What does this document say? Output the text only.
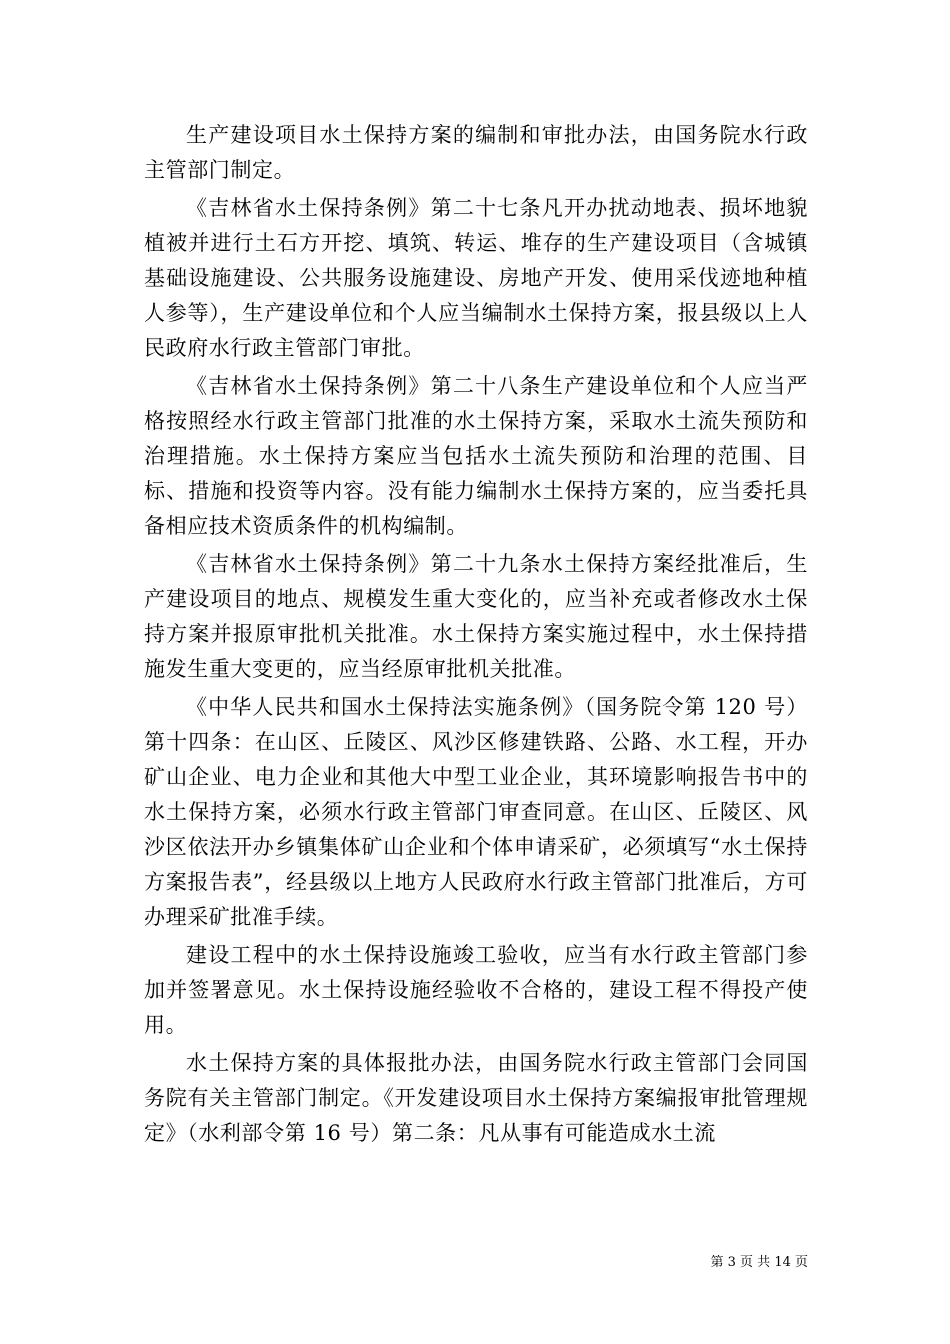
生产建设项目水土保持方案的编制和审批办法，由国务院水行政主管部门制定。

《吉林省水土保持条例》第二十七条凡开办扰动地表、损坏地貌植被并进行土石方开挖、填筑、转运、堆存的生产建设项目（含城镇基础设施建设、公共服务设施建设、房地产开发、使用采伐迹地种植人参等），生产建设单位和个人应当编制水土保持方案，报县级以上人民政府水行政主管部门审批。

《吉林省水土保持条例》第二十八条生产建设单位和个人应当严格按照经水行政主管部门批准的水土保持方案，采取水土流失预防和治理措施。水土保持方案应当包括水土流失预防和治理的范围、目标、措施和投资等内容。没有能力编制水土保持方案的，应当委托具备相应技术资质条件的机构编制。

《吉林省水土保持条例》第二十九条水土保持方案经批准后，生产建设项目的地点、规模发生重大变化的，应当补充或者修改水土保持方案并报原审批机关批准。水土保持方案实施过程中，水土保持措施发生重大变更的，应当经原审批机关批准。

《中华人民共和国水土保持法实施条例》（国务院令第 120 号）第十四条：在山区、丘陵区、风沙区修建铁路、公路、水工程，开办矿山企业、电力企业和其他大中型工业企业，其环境影响报告书中的水土保持方案，必须水行政主管部门审查同意。在山区、丘陵区、风沙区依法开办乡镇集体矿山企业和个体申请采矿，必须填写“水土保持方案报告表”，经县级以上地方人民政府水行政主管部门批准后，方可办理采矿批准手续。

建设工程中的水土保持设施竣工验收，应当有水行政主管部门参加并签署意见。水土保持设施经验收不合格的，建设工程不得投产使用。

水土保持方案的具体报批办法，由国务院水行政主管部门会同国务院有关主管部门制定。《开发建设项目水土保持方案编报审批管理规定》（水利部令第 16 号）第二条：凡从事有可能造成水土流

第 3 页 共 14 页
